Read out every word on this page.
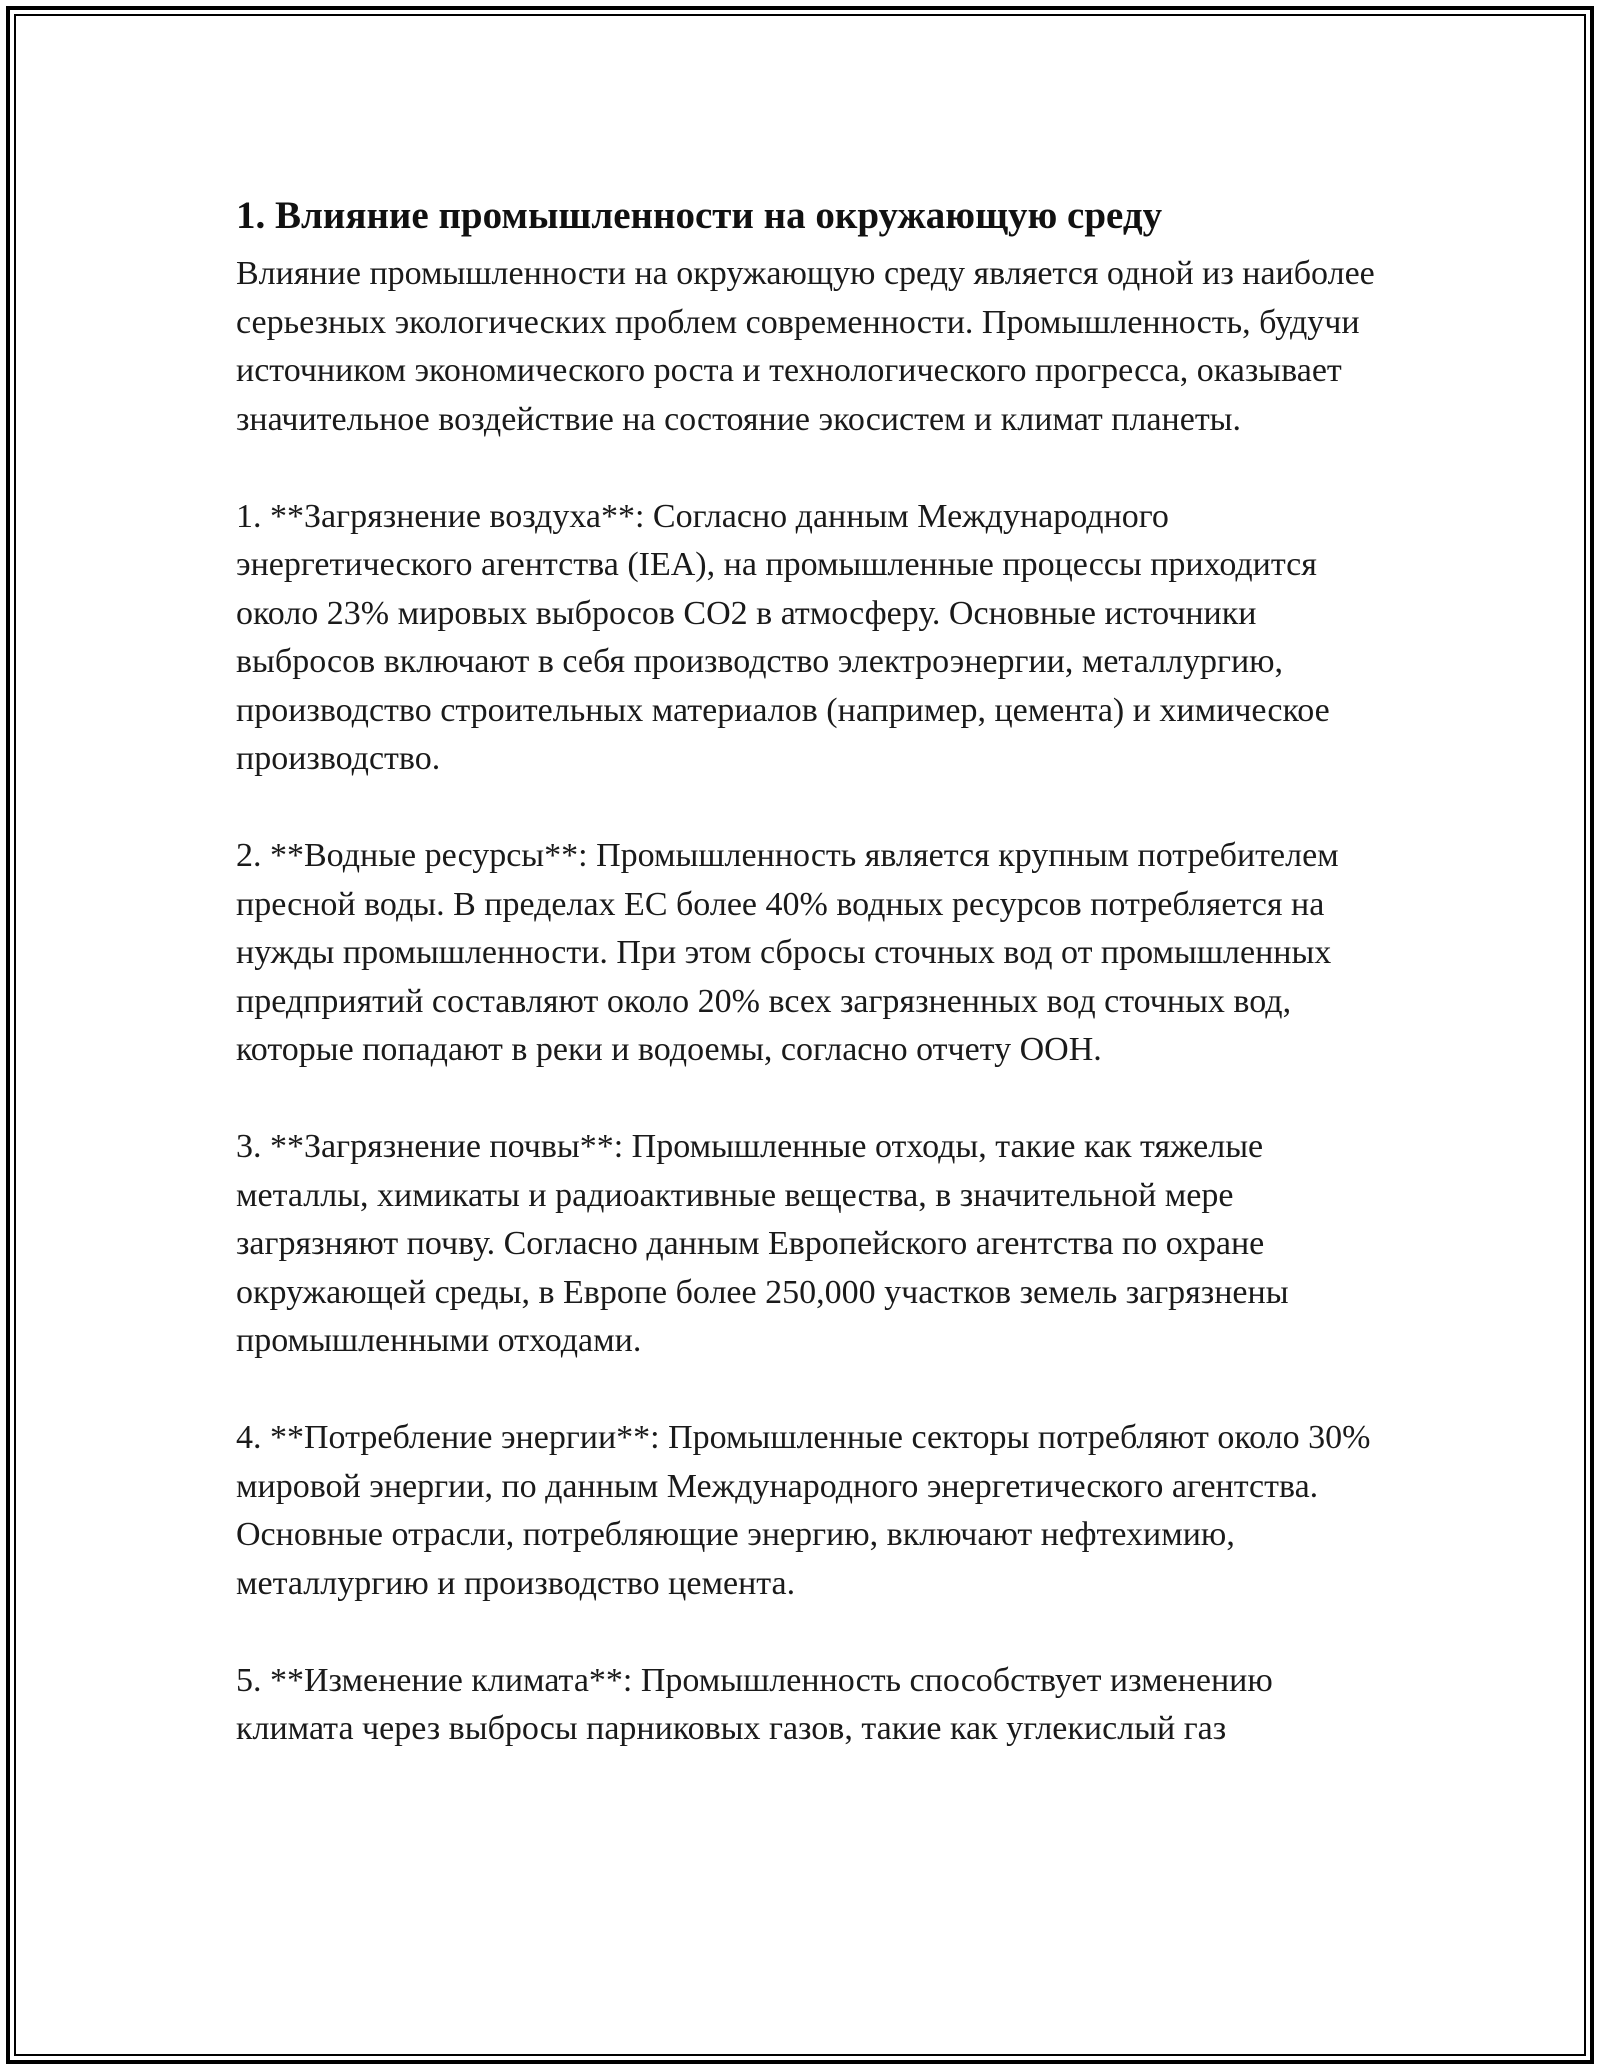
1. Влияние промышленности на окружающую среду

Влияние промышленности на окружающую среду является одной из наиболее серьезных экологических проблем современности. Промышленность, будучи источником экономического роста и технологического прогресса, оказывает значительное воздействие на состояние экосистем и климат планеты.

1. **Загрязнение воздуха**: Согласно данным Международного энергетического агентства (IEA), на промышленные процессы приходится около 23% мировых выбросов CO2 в атмосферу. Основные источники выбросов включают в себя производство электроэнергии, металлургию, производство строительных материалов (например, цемента) и химическое производство.

2. **Водные ресурсы**: Промышленность является крупным потребителем пресной воды. В пределах ЕС более 40% водных ресурсов потребляется на нужды промышленности. При этом сбросы сточных вод от промышленных предприятий составляют около 20% всех загрязненных вод сточных вод, которые попадают в реки и водоемы, согласно отчету ООН.

3. **Загрязнение почвы**: Промышленные отходы, такие как тяжелые металлы, химикаты и радиоактивные вещества, в значительной мере загрязняют почву. Согласно данным Европейского агентства по охране окружающей среды, в Европе более 250,000 участков земель загрязнены промышленными отходами.

4. **Потребление энергии**: Промышленные секторы потребляют около 30% мировой энергии, по данным Международного энергетического агентства. Основные отрасли, потребляющие энергию, включают нефтехимию, металлургию и производство цемента.

5. **Изменение климата**: Промышленность способствует изменению климата через выбросы парниковых газов, такие как углекислый газ
